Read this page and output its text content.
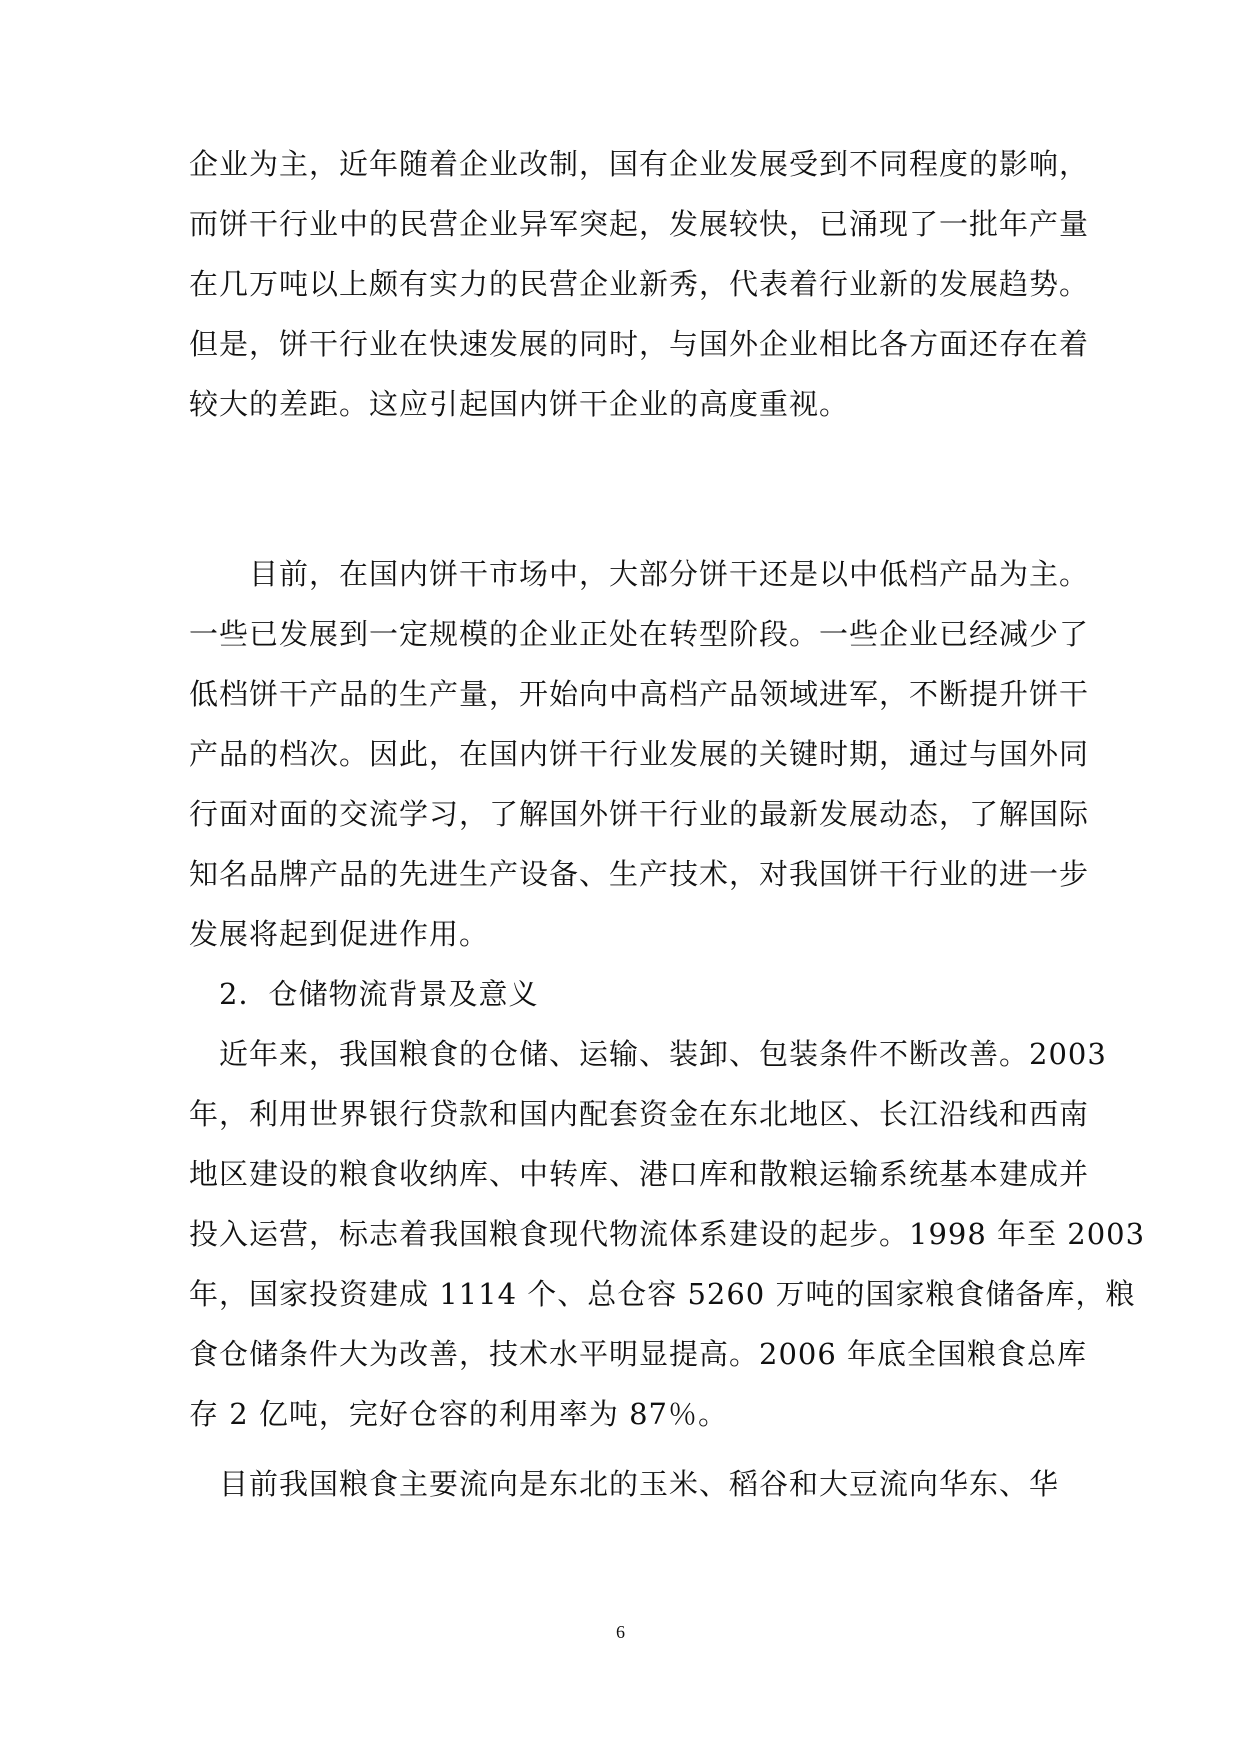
企业为主，近年随着企业改制，国有企业发展受到不同程度的影响，
而饼干行业中的民营企业异军突起，发展较快，已涌现了一批年产量
在几万吨以上颇有实力的民营企业新秀，代表着行业新的发展趋势。
但是，饼干行业在快速发展的同时，与国外企业相比各方面还存在着
较大的差距。这应引起国内饼干企业的高度重视。
　　目前，在国内饼干市场中，大部分饼干还是以中低档产品为主。
一些已发展到一定规模的企业正处在转型阶段。一些企业已经减少了
低档饼干产品的生产量，开始向中高档产品领域进军，不断提升饼干
产品的档次。因此，在国内饼干行业发展的关键时期，通过与国外同
行面对面的交流学习，了解国外饼干行业的最新发展动态，了解国际
知名品牌产品的先进生产设备、生产技术，对我国饼干行业的进一步
发展将起到促进作用。
　2．仓储物流背景及意义
　近年来，我国粮食的仓储、运输、装卸、包装条件不断改善。2003
年，利用世界银行贷款和国内配套资金在东北地区、长江沿线和西南
地区建设的粮食收纳库、中转库、港口库和散粮运输系统基本建成并
投入运营，标志着我国粮食现代物流体系建设的起步。1998 年至 2003
年，国家投资建成 1114 个、总仓容 5260 万吨的国家粮食储备库，粮
食仓储条件大为改善，技术水平明显提高。2006 年底全国粮食总库
存 2 亿吨，完好仓容的利用率为 87％。
　目前我国粮食主要流向是东北的玉米、稻谷和大豆流向华东、华
6
